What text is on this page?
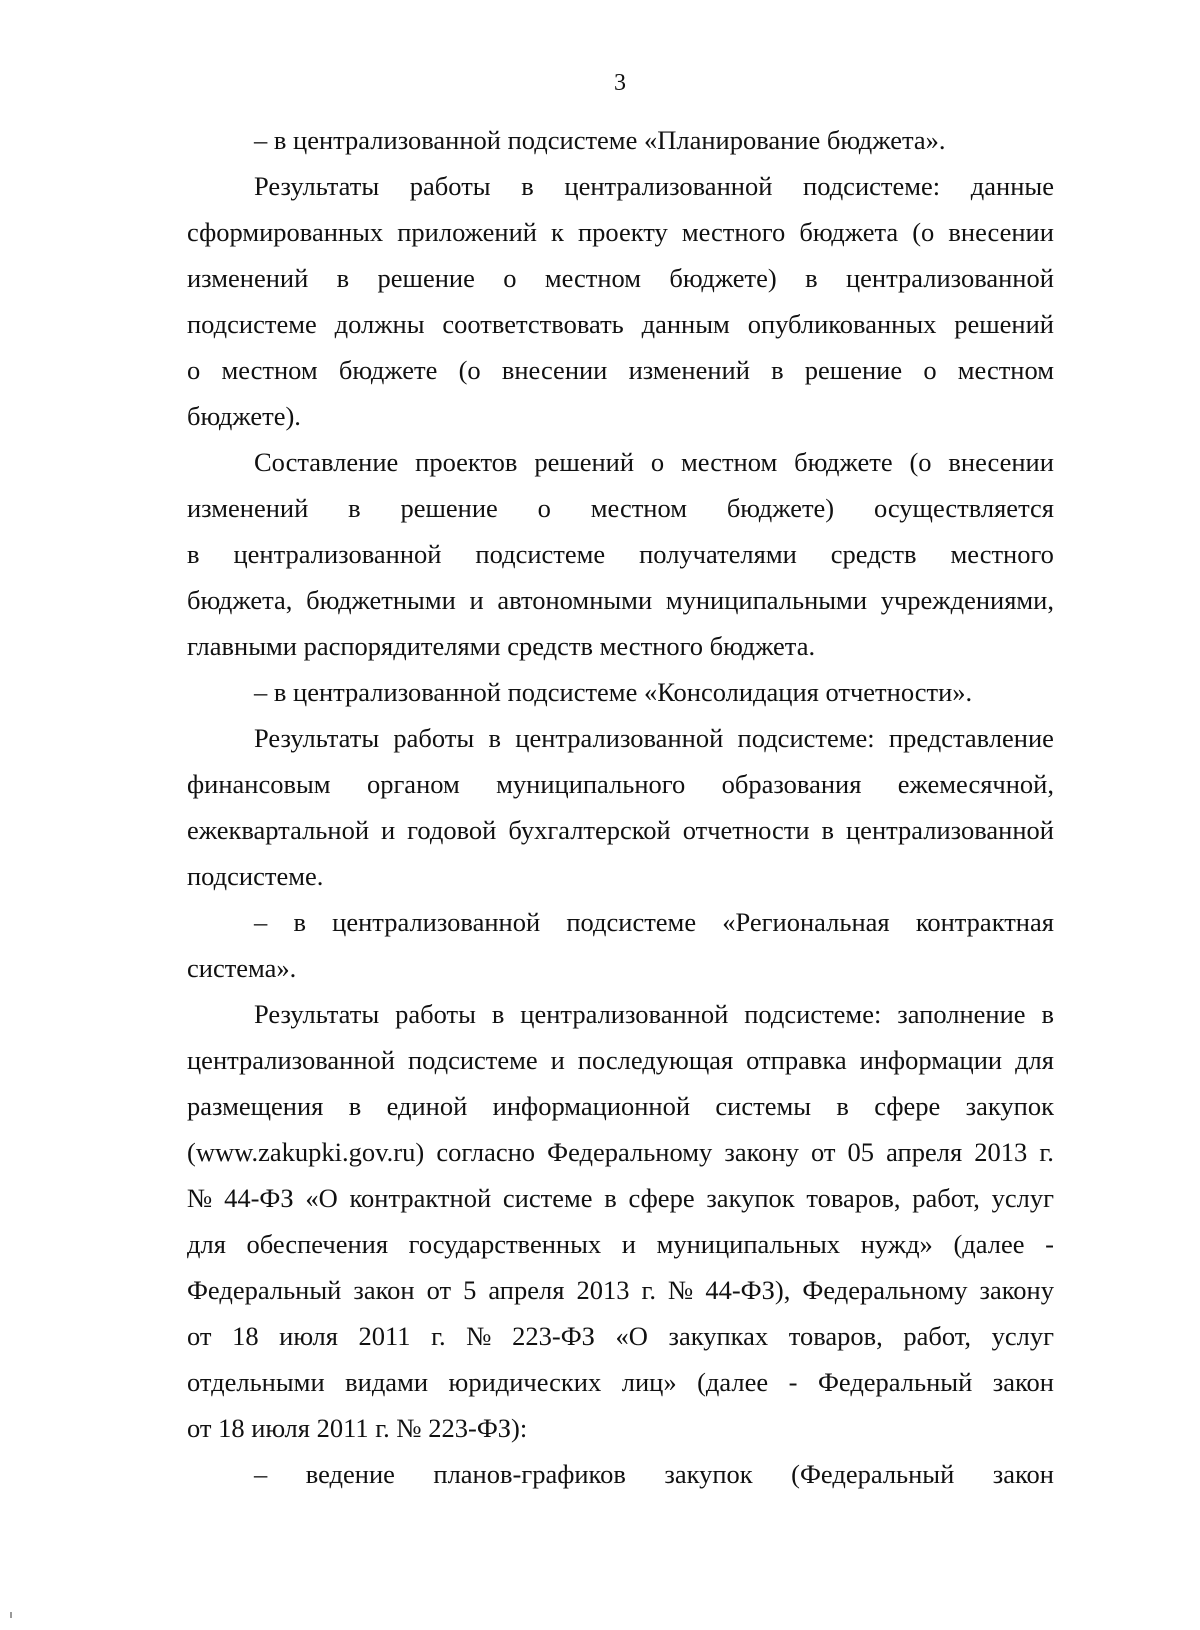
3
– в централизованной подсистеме «Планирование бюджета».
Результаты работы в централизованной подсистеме: данные
сформированных приложений к проекту местного бюджета (о внесении
изменений в решение о местном бюджете) в централизованной
подсистеме должны соответствовать данным опубликованных решений
о местном бюджете (о внесении изменений в решение о местном
бюджете).
Составление проектов решений о местном бюджете (о внесении
изменений в решение о местном бюджете) осуществляется
в централизованной подсистеме получателями средств местного
бюджета, бюджетными и автономными муниципальными учреждениями,
главными распорядителями средств местного бюджета.
– в централизованной подсистеме «Консолидация отчетности».
Результаты работы в централизованной подсистеме: представление
финансовым органом муниципального образования ежемесячной,
ежеквартальной и годовой бухгалтерской отчетности в централизованной
подсистеме.
– в централизованной подсистеме «Региональная контрактная
система».
Результаты работы в централизованной подсистеме: заполнение в
централизованной подсистеме и последующая отправка информации для
размещения в единой информационной системы в сфере закупок
(www.zakupki.gov.ru) согласно Федеральному закону от 05 апреля 2013 г.
№ 44-ФЗ «О контрактной системе в сфере закупок товаров, работ, услуг
для обеспечения государственных и муниципальных нужд» (далее -
Федеральный закон от 5 апреля 2013 г. № 44-ФЗ), Федеральному закону
от 18 июля 2011 г. № 223-ФЗ «О закупках товаров, работ, услуг
отдельными видами юридических лиц» (далее - Федеральный закон
от 18 июля 2011 г. № 223-ФЗ):
– ведение планов-графиков закупок (Федеральный закон
